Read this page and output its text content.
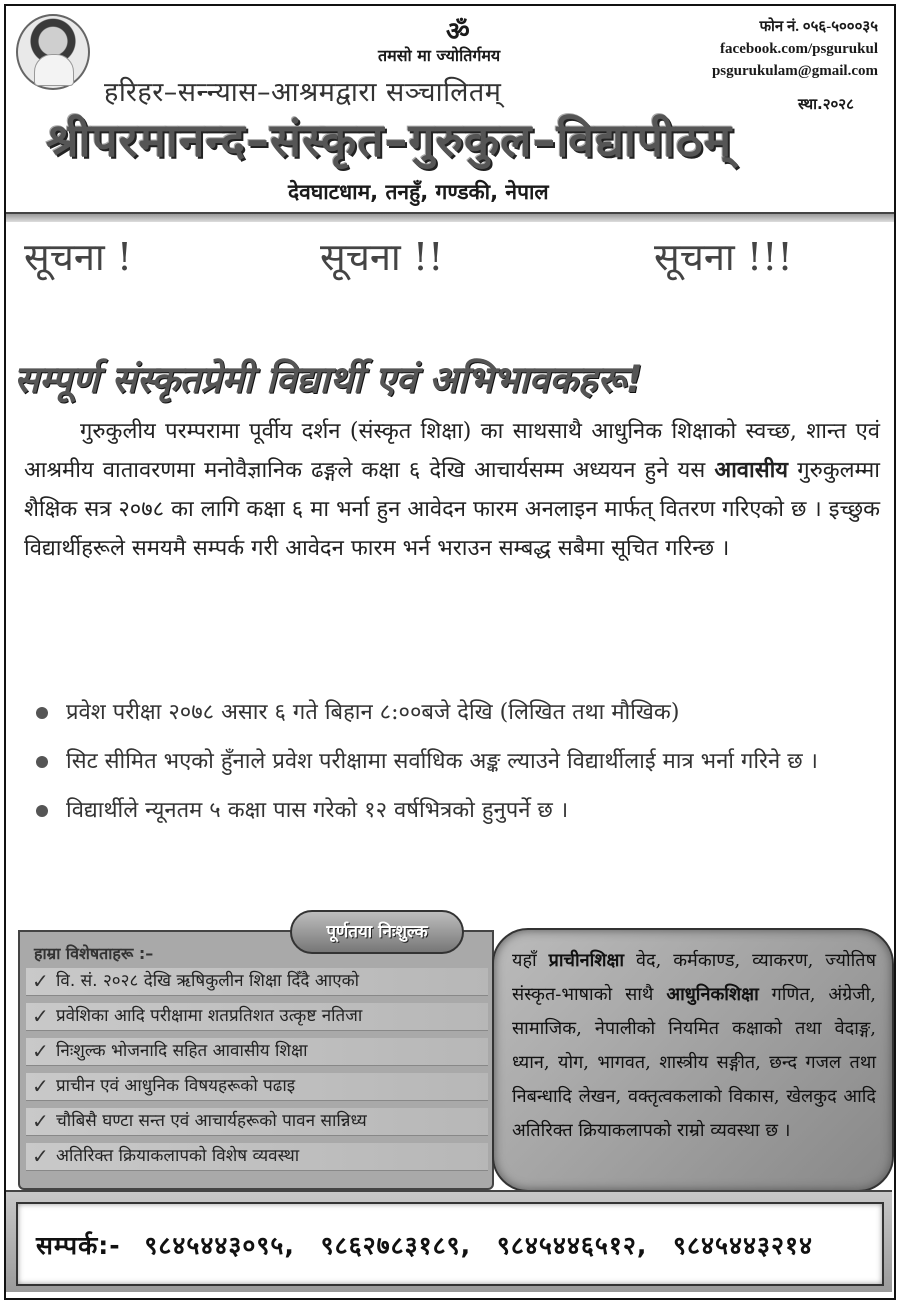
ॐ
तमसो मा ज्योतिर्गमय
फोन नं. ०५६-५०००३५
facebook.com/psgurukul
psgurukulam@gmail.com
हरिहर–सन्न्यास–आश्रमद्वारा सञ्चालितम्	स्था.२०२८
श्रीपरमानन्द–संस्कृत–गुरुकुल–विद्यापीठम्
देवघाटधाम, तनहुँ, गण्डकी, नेपाल
सूचना !	सूचना !!	सूचना !!!
सम्पूर्ण संस्कृतप्रेमी विद्यार्थी एवं अभिभावकहरू!
गुरुकुलीय परम्परामा पूर्वीय दर्शन (संस्कृत शिक्षा) का साथसाथै आधुनिक शिक्षाको स्वच्छ, शान्त एवं आश्रमीय वातावरणमा मनोवैज्ञानिक ढङ्गले कक्षा ६ देखि आचार्यसम्म अध्ययन हुने यस आवासीय गुरुकुलम्मा शैक्षिक सत्र २०७८ का लागि कक्षा ६ मा भर्ना हुन आवेदन फारम अनलाइन मार्फत् वितरण गरिएको छ । इच्छुक विद्यार्थीहरूले समयमै सम्पर्क गरी आवेदन फारम भर्न भराउन सम्बद्ध सबैमा सूचित गरिन्छ ।
प्रवेश परीक्षा २०७८ असार ६ गते बिहान ८:००बजे देखि (लिखित तथा मौखिक)
सिट सीमित भएको हुँनाले प्रवेश परीक्षामा सर्वाधिक अङ्क ल्याउने विद्यार्थीलाई मात्र भर्ना गरिने छ ।
विद्यार्थीले न्यूनतम ५ कक्षा पास गरेको १२ वर्षभित्रको हुनुपर्ने छ ।
हाम्रा विशेषताहरू :–
✓ वि. सं. २०२८ देखि ऋषिकुलीन शिक्षा दिँदै आएको
✓ प्रवेशिका आदि परीक्षामा शतप्रतिशत उत्कृष्ट नतिजा
✓ निःशुल्क भोजनादि सहित आवासीय शिक्षा
✓ प्राचीन एवं आधुनिक विषयहरूको पढाइ
✓ चौबिसै घण्टा सन्त एवं आचार्यहरूको पावन सान्निध्य
✓ अतिरिक्त क्रियाकलापको विशेष व्यवस्था
पूर्णतया निःशुल्क

यहाँ प्राचीनशिक्षा वेद, कर्मकाण्ड, व्याकरण, ज्योतिष संस्कृत-भाषाको साथै आधुनिकशिक्षा गणित, अंग्रेजी, सामाजिक, नेपालीको नियमित कक्षाको तथा वेदाङ्ग, ध्यान, योग, भागवत, शास्त्रीय सङ्गीत, छन्द गजल तथा निबन्धादि लेखन, वक्तृत्वकलाको विकास, खेलकुद आदि अतिरिक्त क्रियाकलापको राम्रो व्यवस्था छ ।

सम्पर्क:- ९८४५४४३०९५, ९८६२७८३१८९, ९८४५४४६५१२, ९८४५४४३२१४
